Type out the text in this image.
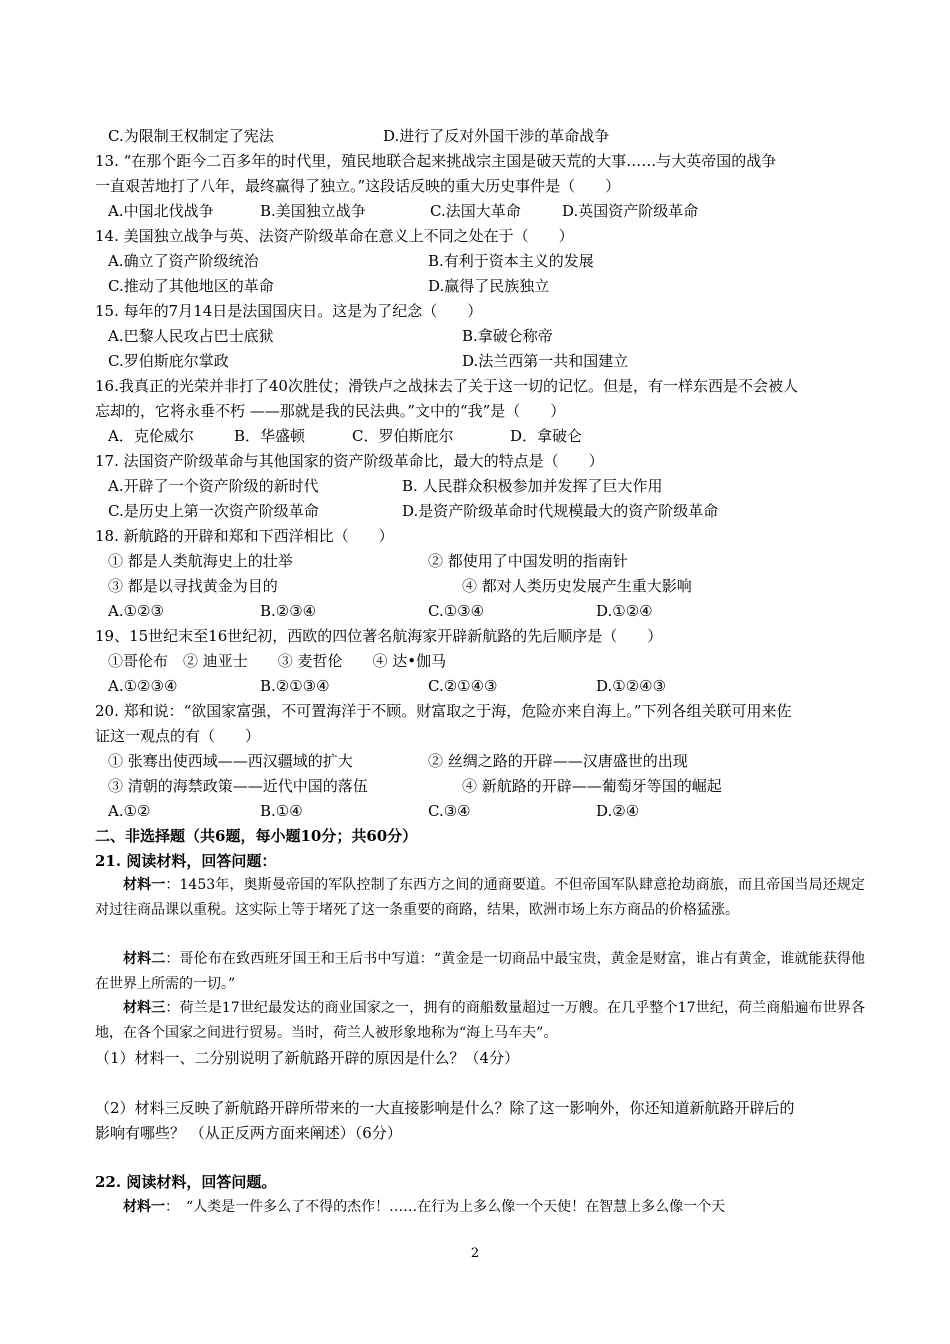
C.为限制王权制定了宪法	D.进行了反对外国干涉的革命战争
13. “在那个距今二百多年的时代里，殖民地联合起来挑战宗主国是破天荒的大事……与大英帝国的战争
一直艰苦地打了八年，最终赢得了独立。”这段话反映的重大历史事件是（　　）
A.中国北伐战争	B.美国独立战争	C.法国大革命	D.英国资产阶级革命
14. 美国独立战争与英、法资产阶级革命在意义上不同之处在于（　　）
A.确立了资产阶级统治	B.有利于资本主义的发展
C.推动了其他地区的革命	D.赢得了民族独立
15. 每年的7月14日是法国国庆日。这是为了纪念（　　）
A.巴黎人民攻占巴士底狱	B.拿破仑称帝
C.罗伯斯庇尔掌政	D.法兰西第一共和国建立
16.我真正的光荣并非打了40次胜仗；滑铁卢之战抹去了关于这一切的记忆。但是，有一样东西是不会被人
忘却的，它将永垂不朽 ——那就是我的民法典。”文中的“我”是（　　）
A．克伦威尔	B．华盛顿	C．罗伯斯庇尔	D．拿破仑
17. 法国资产阶级革命与其他国家的资产阶级革命比，最大的特点是（　　）
A.开辟了一个资产阶级的新时代	B. 人民群众积极参加并发挥了巨大作用
C.是历史上第一次资产阶级革命	D.是资产阶级革命时代规模最大的资产阶级革命
18. 新航路的开辟和郑和下西洋相比（　　）
① 都是人类航海史上的壮举	② 都使用了中国发明的指南针
③ 都是以寻找黄金为目的	④ 都对人类历史发展产生重大影响
A.①②③	B.②③④	C.①③④	D.①②④
19、15世纪末至16世纪初，西欧的四位著名航海家开辟新航路的先后顺序是（　　）
①哥伦布　② 迪亚士　　③ 麦哲伦　　④ 达•伽马
A.①②③④	B.②①③④	C.②①④③	D.①②④③
20. 郑和说：“欲国家富强，不可置海洋于不顾。财富取之于海，危险亦来自海上。”下列各组关联可用来佐
证这一观点的有（　　）
① 张骞出使西域——西汉疆域的扩大	② 丝绸之路的开辟——汉唐盛世的出现
③ 清朝的海禁政策——近代中国的落伍	④ 新航路的开辟——葡萄牙等国的崛起
A.①②	B.①④	C.③④	D.②④
二、非选择题（共6题，每小题10分；共60分）
21. 阅读材料，回答问题：
材料一：1453年，奥斯曼帝国的军队控制了东西方之间的通商要道。不但帝国军队肆意抢劫商旅，而且帝国当局还规定对过往商品课以重税。这实际上等于堵死了这一条重要的商路，结果，欧洲市场上东方商品的价格猛涨。
材料二：哥伦布在致西班牙国王和王后书中写道：“黄金是一切商品中最宝贵，黄金是财富，谁占有黄金，谁就能获得他在世界上所需的一切。”
材料三：荷兰是17世纪最发达的商业国家之一，拥有的商船数量超过一万艘。在几乎整个17世纪，荷兰商船遍布世界各地，在各个国家之间进行贸易。当时，荷兰人被形象地称为“海上马车夫”。
（1）材料一、二分别说明了新航路开辟的原因是什么？（4分）
（2）材料三反映了新航路开辟所带来的一大直接影响是什么？除了这一影响外，你还知道新航路开辟后的
影响有哪些？ （从正反两方面来阐述）（6分）
22. 阅读材料，回答问题。
材料一：　“人类是一件多么了不得的杰作！……在行为上多么像一个天使！在智慧上多么像一个天
2
